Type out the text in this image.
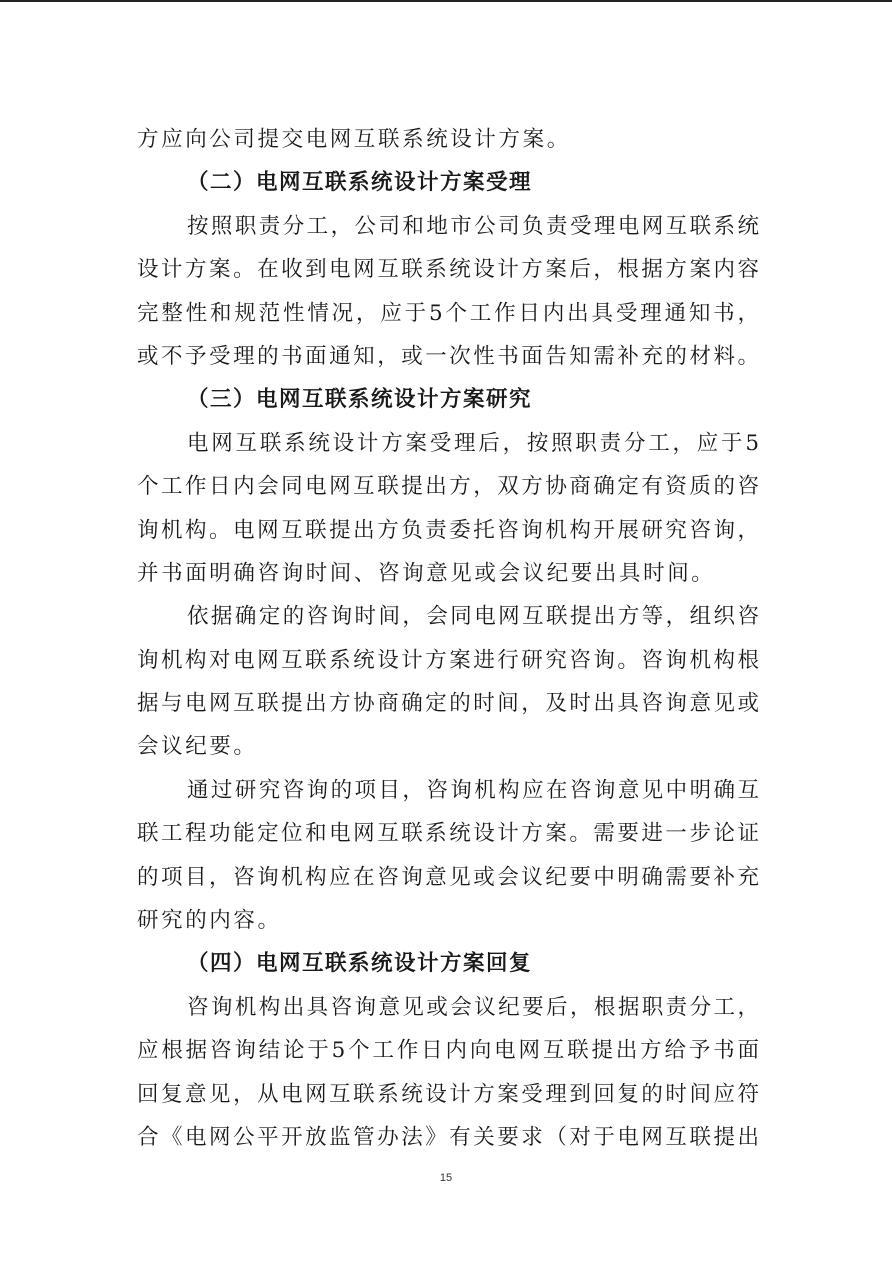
方应向公司提交电网互联系统设计方案。
（二）电网互联系统设计方案受理
按照职责分工，公司和地市公司负责受理电网互联系统
设计方案。在收到电网互联系统设计方案后，根据方案内容
完整性和规范性情况，应于5个工作日内出具受理通知书，
或不予受理的书面通知，或一次性书面告知需补充的材料。
（三）电网互联系统设计方案研究
电网互联系统设计方案受理后，按照职责分工，应于5
个工作日内会同电网互联提出方，双方协商确定有资质的咨
询机构。电网互联提出方负责委托咨询机构开展研究咨询，
并书面明确咨询时间、咨询意见或会议纪要出具时间。
依据确定的咨询时间，会同电网互联提出方等，组织咨
询机构对电网互联系统设计方案进行研究咨询。咨询机构根
据与电网互联提出方协商确定的时间，及时出具咨询意见或
会议纪要。
通过研究咨询的项目，咨询机构应在咨询意见中明确互
联工程功能定位和电网互联系统设计方案。需要进一步论证
的项目，咨询机构应在咨询意见或会议纪要中明确需要补充
研究的内容。
（四）电网互联系统设计方案回复
咨询机构出具咨询意见或会议纪要后，根据职责分工，
应根据咨询结论于5个工作日内向电网互联提出方给予书面
回复意见，从电网互联系统设计方案受理到回复的时间应符
合《电网公平开放监管办法》有关要求（对于电网互联提出
15
